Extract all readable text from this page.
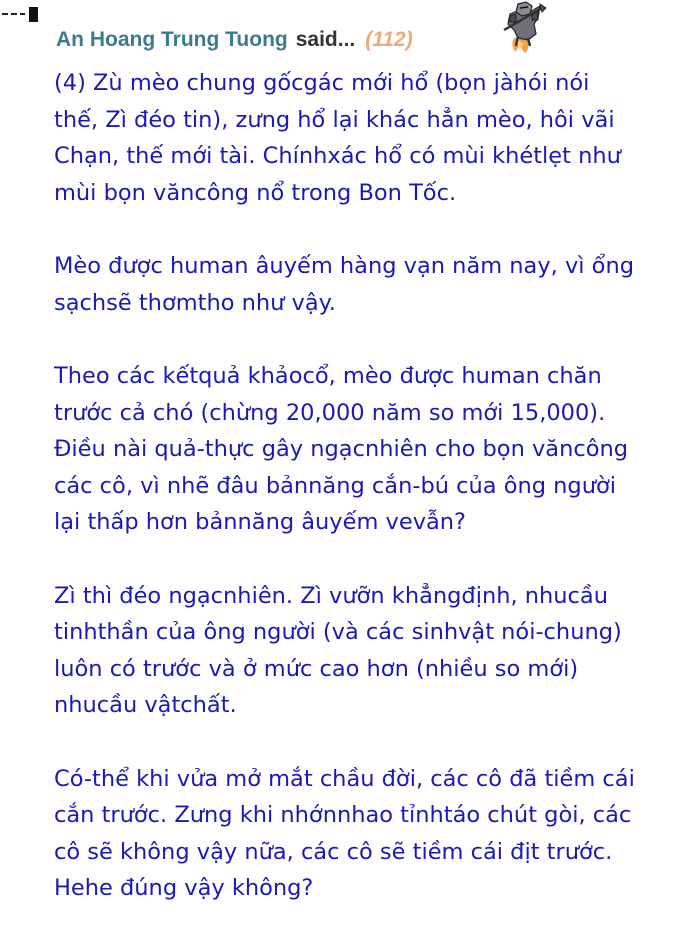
An Hoang Trung Tuong said... (112)

(4) Zù mèo chung gốcgác mới hổ (bọn jàhói nói
thế, Zì đéo tin), zưng hổ lại khác hẳn mèo, hôi vãi
Chạn, thế mới tài. Chínhxác hổ có mùi khétlẹt như
mùi bọn văncông nổ trong Bon Tốc.

Mèo được human âuyếm hàng vạn năm nay, vì ổng
sạchsẽ thơmtho như vậy.

Theo các kếtquả khảocổ, mèo được human chăn
trước cả chó (chừng 20,000 năm so mới 15,000).
Điều nài quả-thực gây ngạcnhiên cho bọn văncông
các cô, vì nhẽ đâu bảnnăng cắn-bú của ông người
lại thấp hơn bảnnăng âuyếm vevẫn?

Zì thì đéo ngạcnhiên. Zì vưỡn khẳngđịnh, nhucầu
tinhthần của ông người (và các sinhvật nói-chung)
luôn có trước và ở mức cao hơn (nhiều so mới)
nhucầu vậtchất.

Có-thể khi vửa mở mắt chầu đời, các cô đã tiềm cái
cắn trước. Zưng khi nhớnnhao tỉnhtáo chút gòi, các
cô sẽ không vậy nữa, các cô sẽ tiềm cái địt trước.
Hehe đúng vậy không?
